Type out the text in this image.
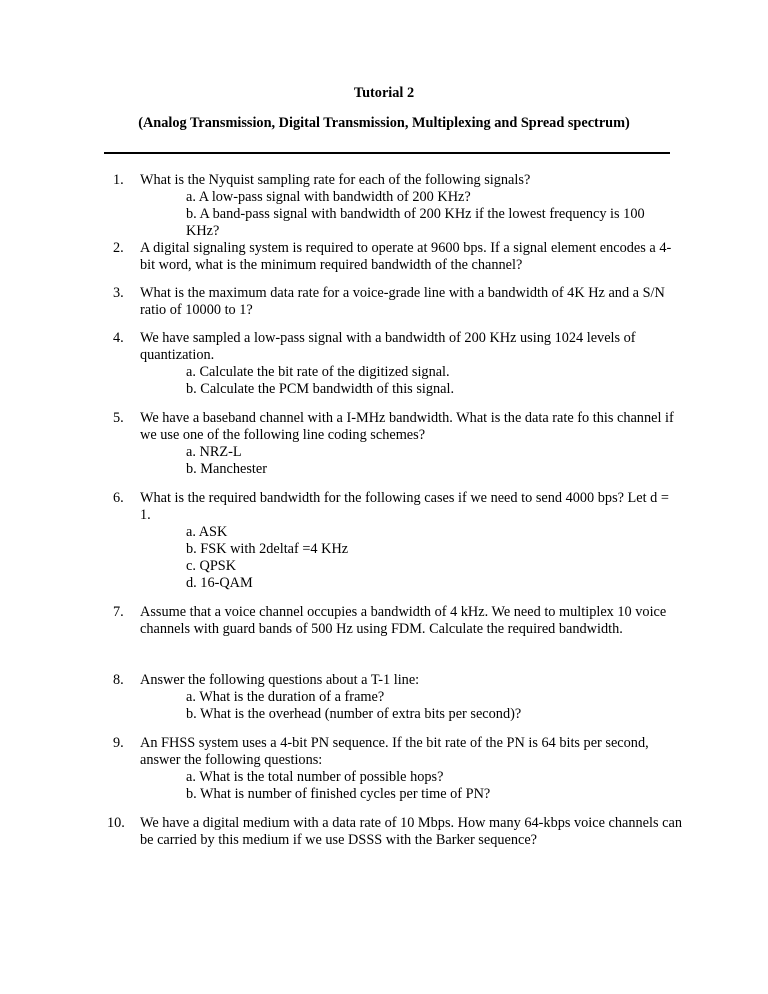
Tutorial 2
(Analog Transmission, Digital Transmission, Multiplexing and Spread spectrum)
1. What is the Nyquist sampling rate for each of the following signals?
a. A low-pass signal with bandwidth of 200 KHz?
b. A band-pass signal with bandwidth of 200 KHz if the lowest frequency is 100 KHz?
2. A digital signaling system is required to operate at 9600 bps. If a signal element encodes a 4-bit word, what is the minimum required bandwidth of the channel?
3. What is the maximum data rate for a voice-grade line with a bandwidth of 4K Hz and a S/N ratio of 10000 to 1?
4. We have sampled a low-pass signal with a bandwidth of 200 KHz using 1024 levels of quantization.
a. Calculate the bit rate of the digitized signal.
b. Calculate the PCM bandwidth of this signal.
5. We have a baseband channel with a I-MHz bandwidth. What is the data rate fo this channel if we use one of the following line coding schemes?
a. NRZ-L
b. Manchester
6. What is the required bandwidth for the following cases if we need to send 4000 bps? Let d = 1.
a. ASK
b. FSK with 2deltaf =4 KHz
c. QPSK
d. 16-QAM
7. Assume that a voice channel occupies a bandwidth of 4 kHz. We need to multiplex 10 voice channels with guard bands of 500 Hz using FDM. Calculate the required bandwidth.
8. Answer the following questions about a T-1 line:
a. What is the duration of a frame?
b. What is the overhead (number of extra bits per second)?
9. An FHSS system uses a 4-bit PN sequence. If the bit rate of the PN is 64 bits per second, answer the following questions:
a. What is the total number of possible hops?
b. What is number of finished cycles per time of PN?
10. We have a digital medium with a data rate of 10 Mbps. How many 64-kbps voice channels can be carried by this medium if we use DSSS with the Barker sequence?
